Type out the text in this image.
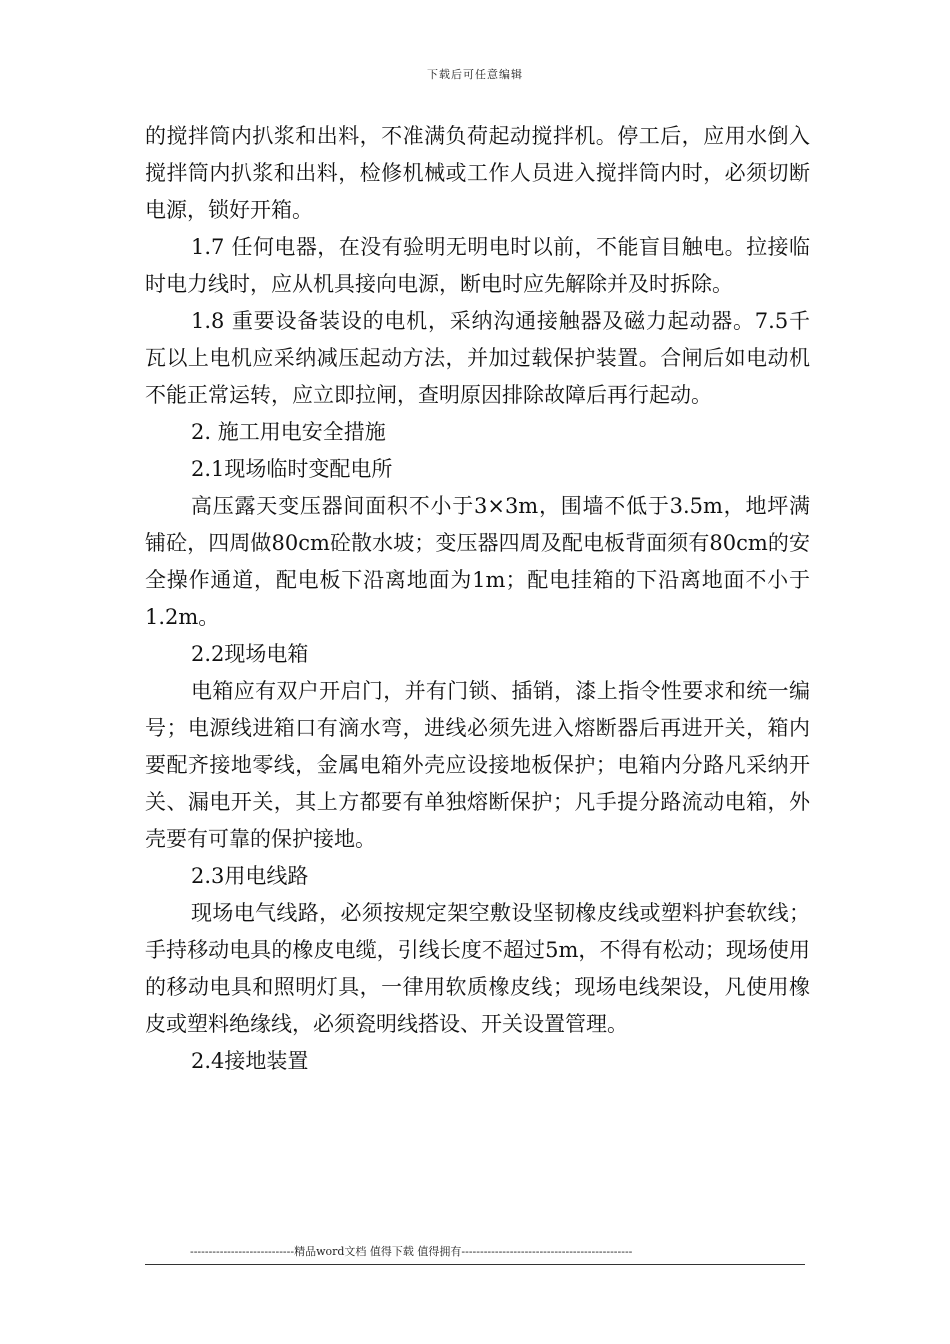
下载后可任意编辑

的搅拌筒内扒浆和出料，不准满负荷起动搅拌机。停工后，应用水倒入搅拌筒内扒浆和出料，检修机械或工作人员进入搅拌筒内时，必须切断电源，锁好开箱。

1.7 任何电器，在没有验明无明电时以前，不能盲目触电。拉接临时电力线时，应从机具接向电源，断电时应先解除并及时拆除。

1.8 重要设备装设的电机，采纳沟通接触器及磁力起动器。7.5千瓦以上电机应采纳减压起动方法，并加过载保护装置。合闸后如电动机不能正常运转，应立即拉闸，查明原因排除故障后再行起动。

2. 施工用电安全措施

2.1现场临时变配电所

高压露天变压器间面积不小于3×3m，围墙不低于3.5m，地坪满铺砼，四周做80cm砼散水坡；变压器四周及配电板背面须有80cm的安全操作通道，配电板下沿离地面为1m；配电挂箱的下沿离地面不小于1.2m。

2.2现场电箱

电箱应有双户开启门，并有门锁、插销，漆上指令性要求和统一编号；电源线进箱口有滴水弯，进线必须先进入熔断器后再进开关，箱内要配齐接地零线，金属电箱外壳应设接地板保护；电箱内分路凡采纳开关、漏电开关，其上方都要有单独熔断保护；凡手提分路流动电箱，外壳要有可靠的保护接地。

2.3用电线路

现场电气线路，必须按规定架空敷设坚韧橡皮线或塑料护套软线；手持移动电具的橡皮电缆，引线长度不超过5m，不得有松动；现场使用的移动电具和照明灯具，一律用软质橡皮线；现场电线架设，凡使用橡皮或塑料绝缘线，必须瓷明线搭设、开关设置管理。

2.4接地装置

----------------------------精品word文档 值得下载 值得拥有----------------------------------------------
